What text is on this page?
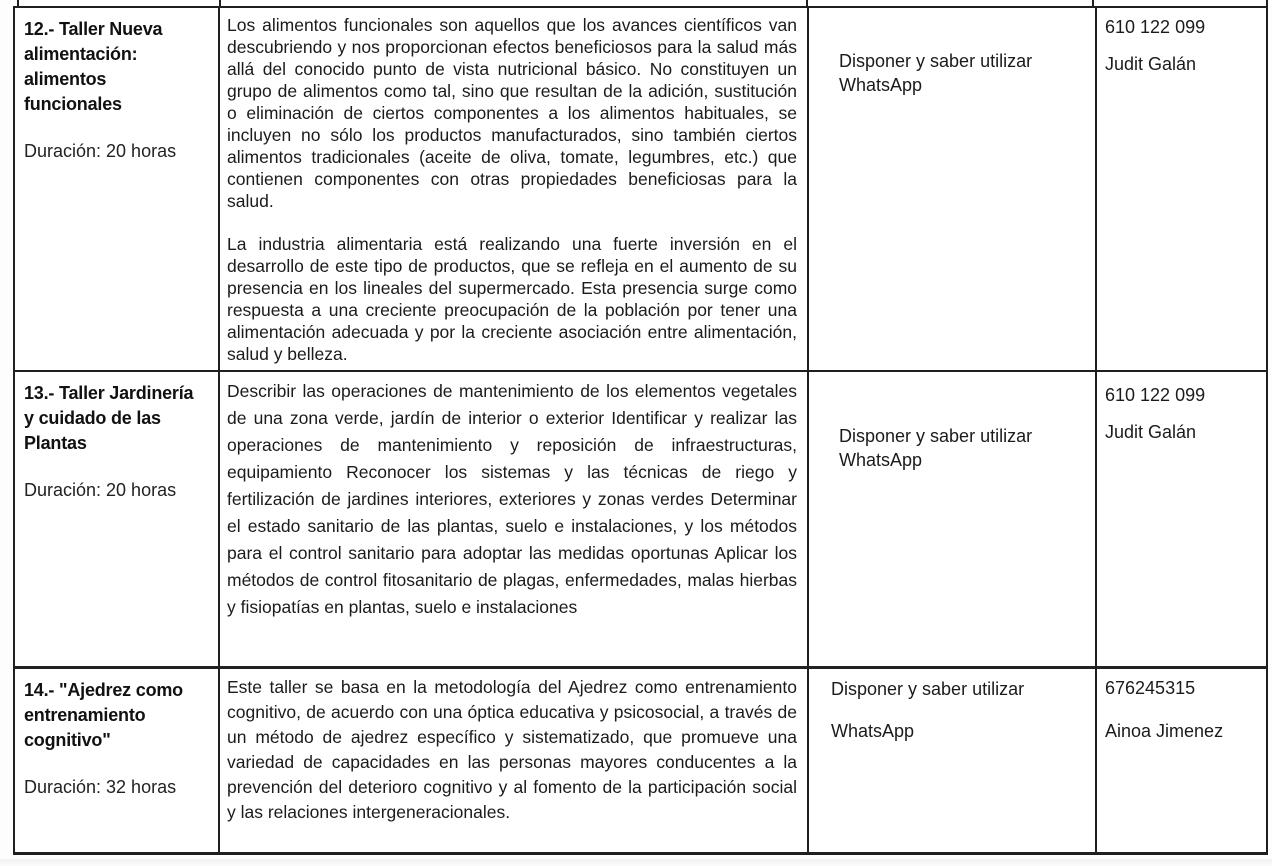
12.- Taller Nueva alimentación: alimentos funcionales
Duración: 20 horas

Los alimentos funcionales son aquellos que los avances científicos van descubriendo y nos proporcionan efectos beneficiosos para la salud más allá del conocido punto de vista nutricional básico. No constituyen un grupo de alimentos como tal, sino que resultan de la adición, sustitución o eliminación de ciertos componentes a los alimentos habituales, se incluyen no sólo los productos manufacturados, sino también ciertos alimentos tradicionales (aceite de oliva, tomate, legumbres, etc.) que contienen componentes con otras propiedades beneficiosas para la salud.

La industria alimentaria está realizando una fuerte inversión en el desarrollo de este tipo de productos, que se refleja en el aumento de su presencia en los lineales del supermercado. Esta presencia surge como respuesta a una creciente preocupación de la población por tener una alimentación adecuada y por la creciente asociación entre alimentación, salud y belleza.

Disponer y saber utilizar WhatsApp
610 122 099
Judit Galán
13.- Taller Jardinería y cuidado de las Plantas
Duración: 20 horas

Describir las operaciones de mantenimiento de los elementos vegetales de una zona verde, jardín de interior o exterior Identificar y realizar las operaciones de mantenimiento y reposición de infraestructuras, equipamiento Reconocer los sistemas y las técnicas de riego y fertilización de jardines interiores, exteriores y zonas verdes Determinar el estado sanitario de las plantas, suelo e instalaciones, y los métodos para el control sanitario para adoptar las medidas oportunas Aplicar los métodos de control fitosanitario de plagas, enfermedades, malas hierbas y fisiopatías en plantas, suelo e instalaciones

Disponer y saber utilizar WhatsApp
610 122 099
Judit Galán
14.- "Ajedrez como entrenamiento cognitivo"
Duración: 32 horas

Este taller se basa en la metodología del Ajedrez como entrenamiento cognitivo, de acuerdo con una óptica educativa y psicosocial, a través de un método de ajedrez específico y sistematizado, que promueve una variedad de capacidades en las personas mayores conducentes a la prevención del deterioro cognitivo y al fomento de la participación social y las relaciones intergeneracionales.

Disponer y saber utilizar
WhatsApp
676245315
Ainoa Jimenez
